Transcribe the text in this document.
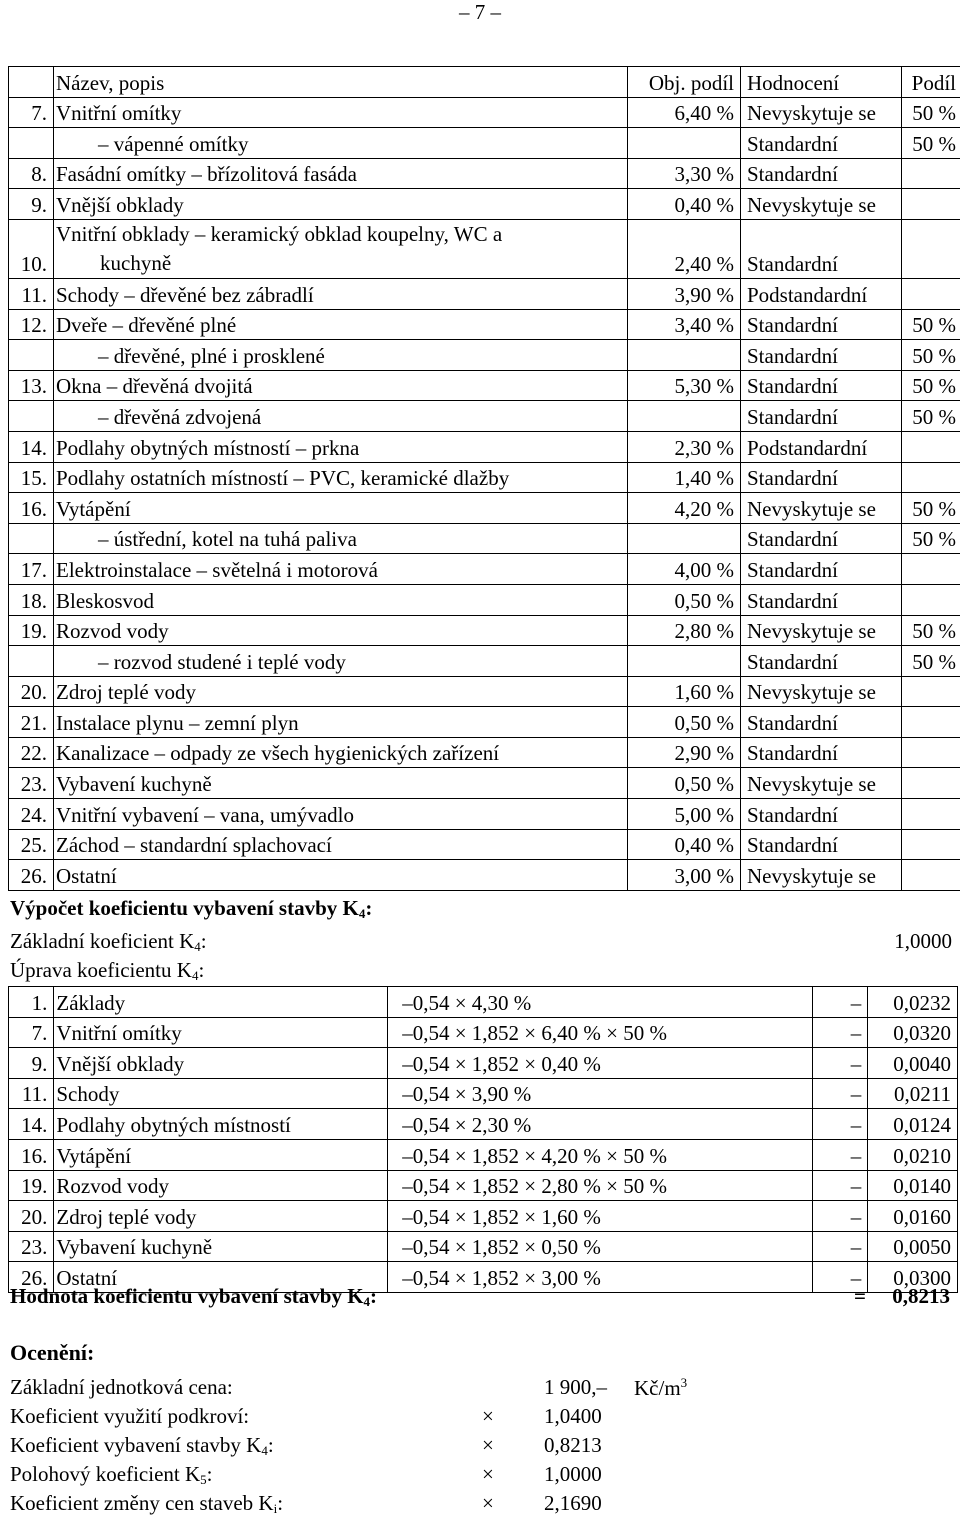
– 7 –
	Název, popis	Obj. podíl	Hodnocení	Podíl
7.	Vnitřní omítky	6,40 %	Nevyskytuje se	50 %
	– vápenné omítky		Standardní	50 %
8.	Fasádní omítky – břízolitová fasáda	3,30 %	Standardní	
9.	Vnější obklady	0,40 %	Nevyskytuje se	
10.	Vnitřní obklady – keramický obklad koupelny, WC a
kuchyně	2,40 %	Standardní	
11.	Schody – dřevěné bez zábradlí	3,90 %	Podstandardní	
12.	Dveře – dřevěné plné	3,40 %	Standardní	50 %
	– dřevěné, plné i prosklené		Standardní	50 %
13.	Okna – dřevěná dvojitá	5,30 %	Standardní	50 %
	– dřevěná zdvojená		Standardní	50 %
14.	Podlahy obytných místností – prkna	2,30 %	Podstandardní	
15.	Podlahy ostatních místností – PVC, keramické dlažby	1,40 %	Standardní	
16.	Vytápění	4,20 %	Nevyskytuje se	50 %
	– ústřední, kotel na tuhá paliva		Standardní	50 %
17.	Elektroinstalace – světelná i motorová	4,00 %	Standardní	
18.	Bleskosvod	0,50 %	Standardní	
19.	Rozvod vody	2,80 %	Nevyskytuje se	50 %
	– rozvod studené i teplé vody		Standardní	50 %
20.	Zdroj teplé vody	1,60 %	Nevyskytuje se	
21.	Instalace plynu – zemní plyn	0,50 %	Standardní	
22.	Kanalizace – odpady ze všech hygienických zařízení	2,90 %	Standardní	
23.	Vybavení kuchyně	0,50 %	Nevyskytuje se	
24.	Vnitřní vybavení – vana, umývadlo	5,00 %	Standardní	
25.	Záchod – standardní splachovací	0,40 %	Standardní	
26.	Ostatní	3,00 %	Nevyskytuje se	
Výpočet koeficientu vybavení stavby $K_4$:
Základní koeficient $K_4$:	1,0000
Úprava koeficientu $K_4$:
1.	Základy	–0,54 × 4,30 %	–	0,0232
7.	Vnitřní omítky	–0,54 × 1,852 × 6,40 % × 50 %	–	0,0320
9.	Vnější obklady	–0,54 × 1,852 × 0,40 %	–	0,0040
11.	Schody	–0,54 × 3,90 %	–	0,0211
14.	Podlahy obytných místností	–0,54 × 2,30 %	–	0,0124
16.	Vytápění	–0,54 × 1,852 × 4,20 % × 50 %	–	0,0210
19.	Rozvod vody	–0,54 × 1,852 × 2,80 % × 50 %	–	0,0140
20.	Zdroj teplé vody	–0,54 × 1,852 × 1,60 %	–	0,0160
23.	Vybavení kuchyně	–0,54 × 1,852 × 0,50 %	–	0,0050
26.	Ostatní	–0,54 × 1,852 × 3,00 %	–	0,0300
Hodnota koeficientu vybavení stavby $K_4$:	= 0,8213
Ocenění:
Základní jednotková cena:	1 900,– $Kč/m^3$
Koeficient využití podkroví:	× 1,0400
Koeficient vybavení stavby $K_4$:	× 0,8213
Polohový koeficient $K_5$:	× 1,0000
Koeficient změny cen staveb $K_i$:	× 2,1690
